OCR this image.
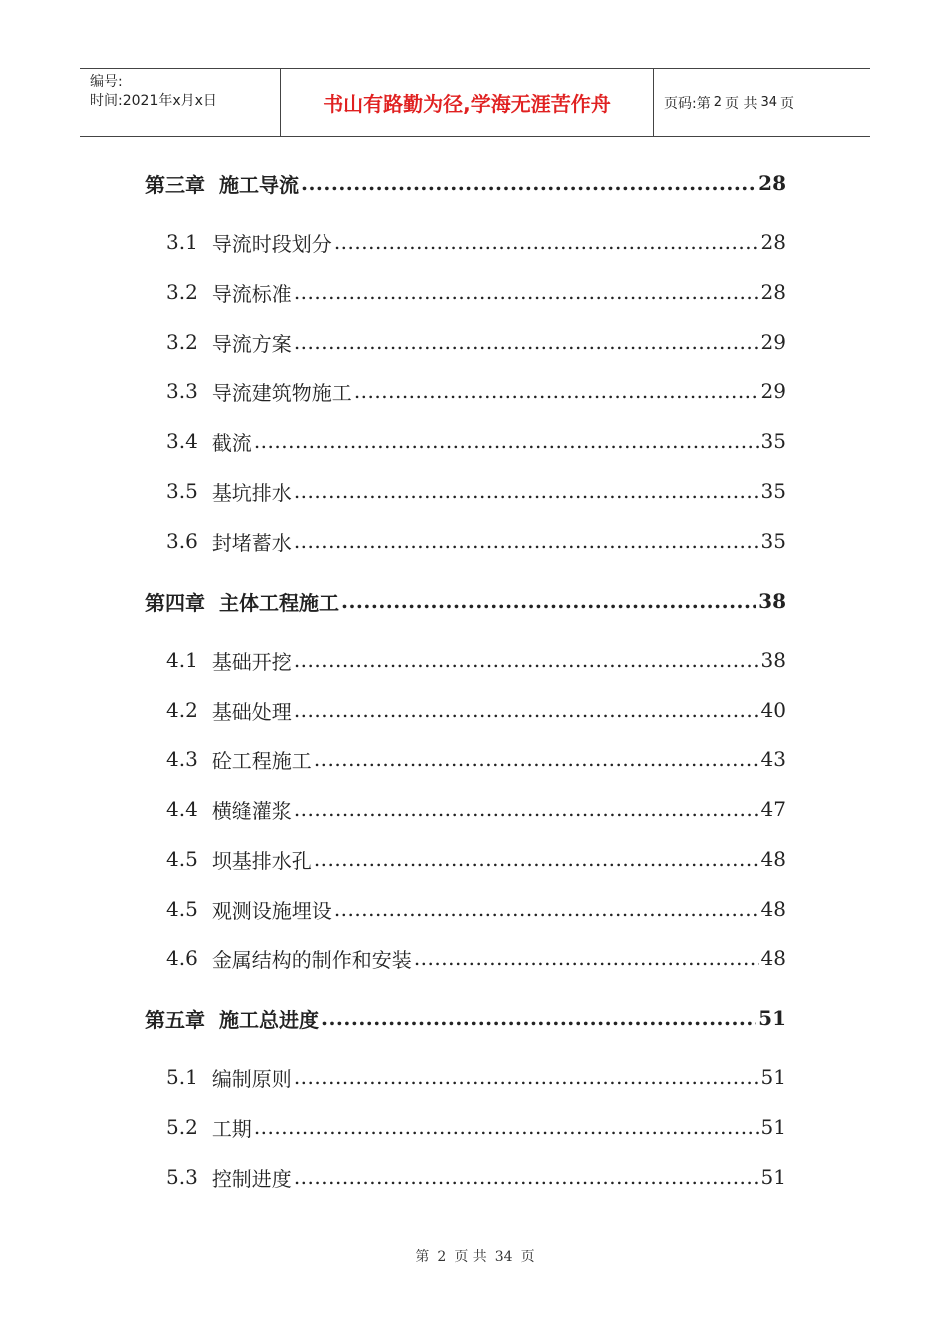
编号:
时间:2021年x月x日	书山有路勤为径,学海无涯苦作舟	页码:第 2 页 共 34 页
第三章 施工导流 .....	28
3.1 导流时段划分 .....	28
3.2 导流标准 .....	28
3.2 导流方案 .....	29
3.3 导流建筑物施工 .....	29
3.4 截流 .....	35
3.5 基坑排水 .....	35
3.6 封堵蓄水 .....	35
第四章 主体工程施工 .....	38
4.1 基础开挖 .....	38
4.2 基础处理 .....	40
4.3 砼工程施工 .....	43
4.4 横缝灌浆 .....	47
4.5 坝基排水孔 .....	48
4.5 观测设施埋设 .....	48
4.6 金属结构的制作和安装 .....	48
第五章 施工总进度 .....	51
5.1 编制原则 .....	51
5.2 工期 .....	51
5.3 控制进度 .....	51
第 2 页 共 34 页
